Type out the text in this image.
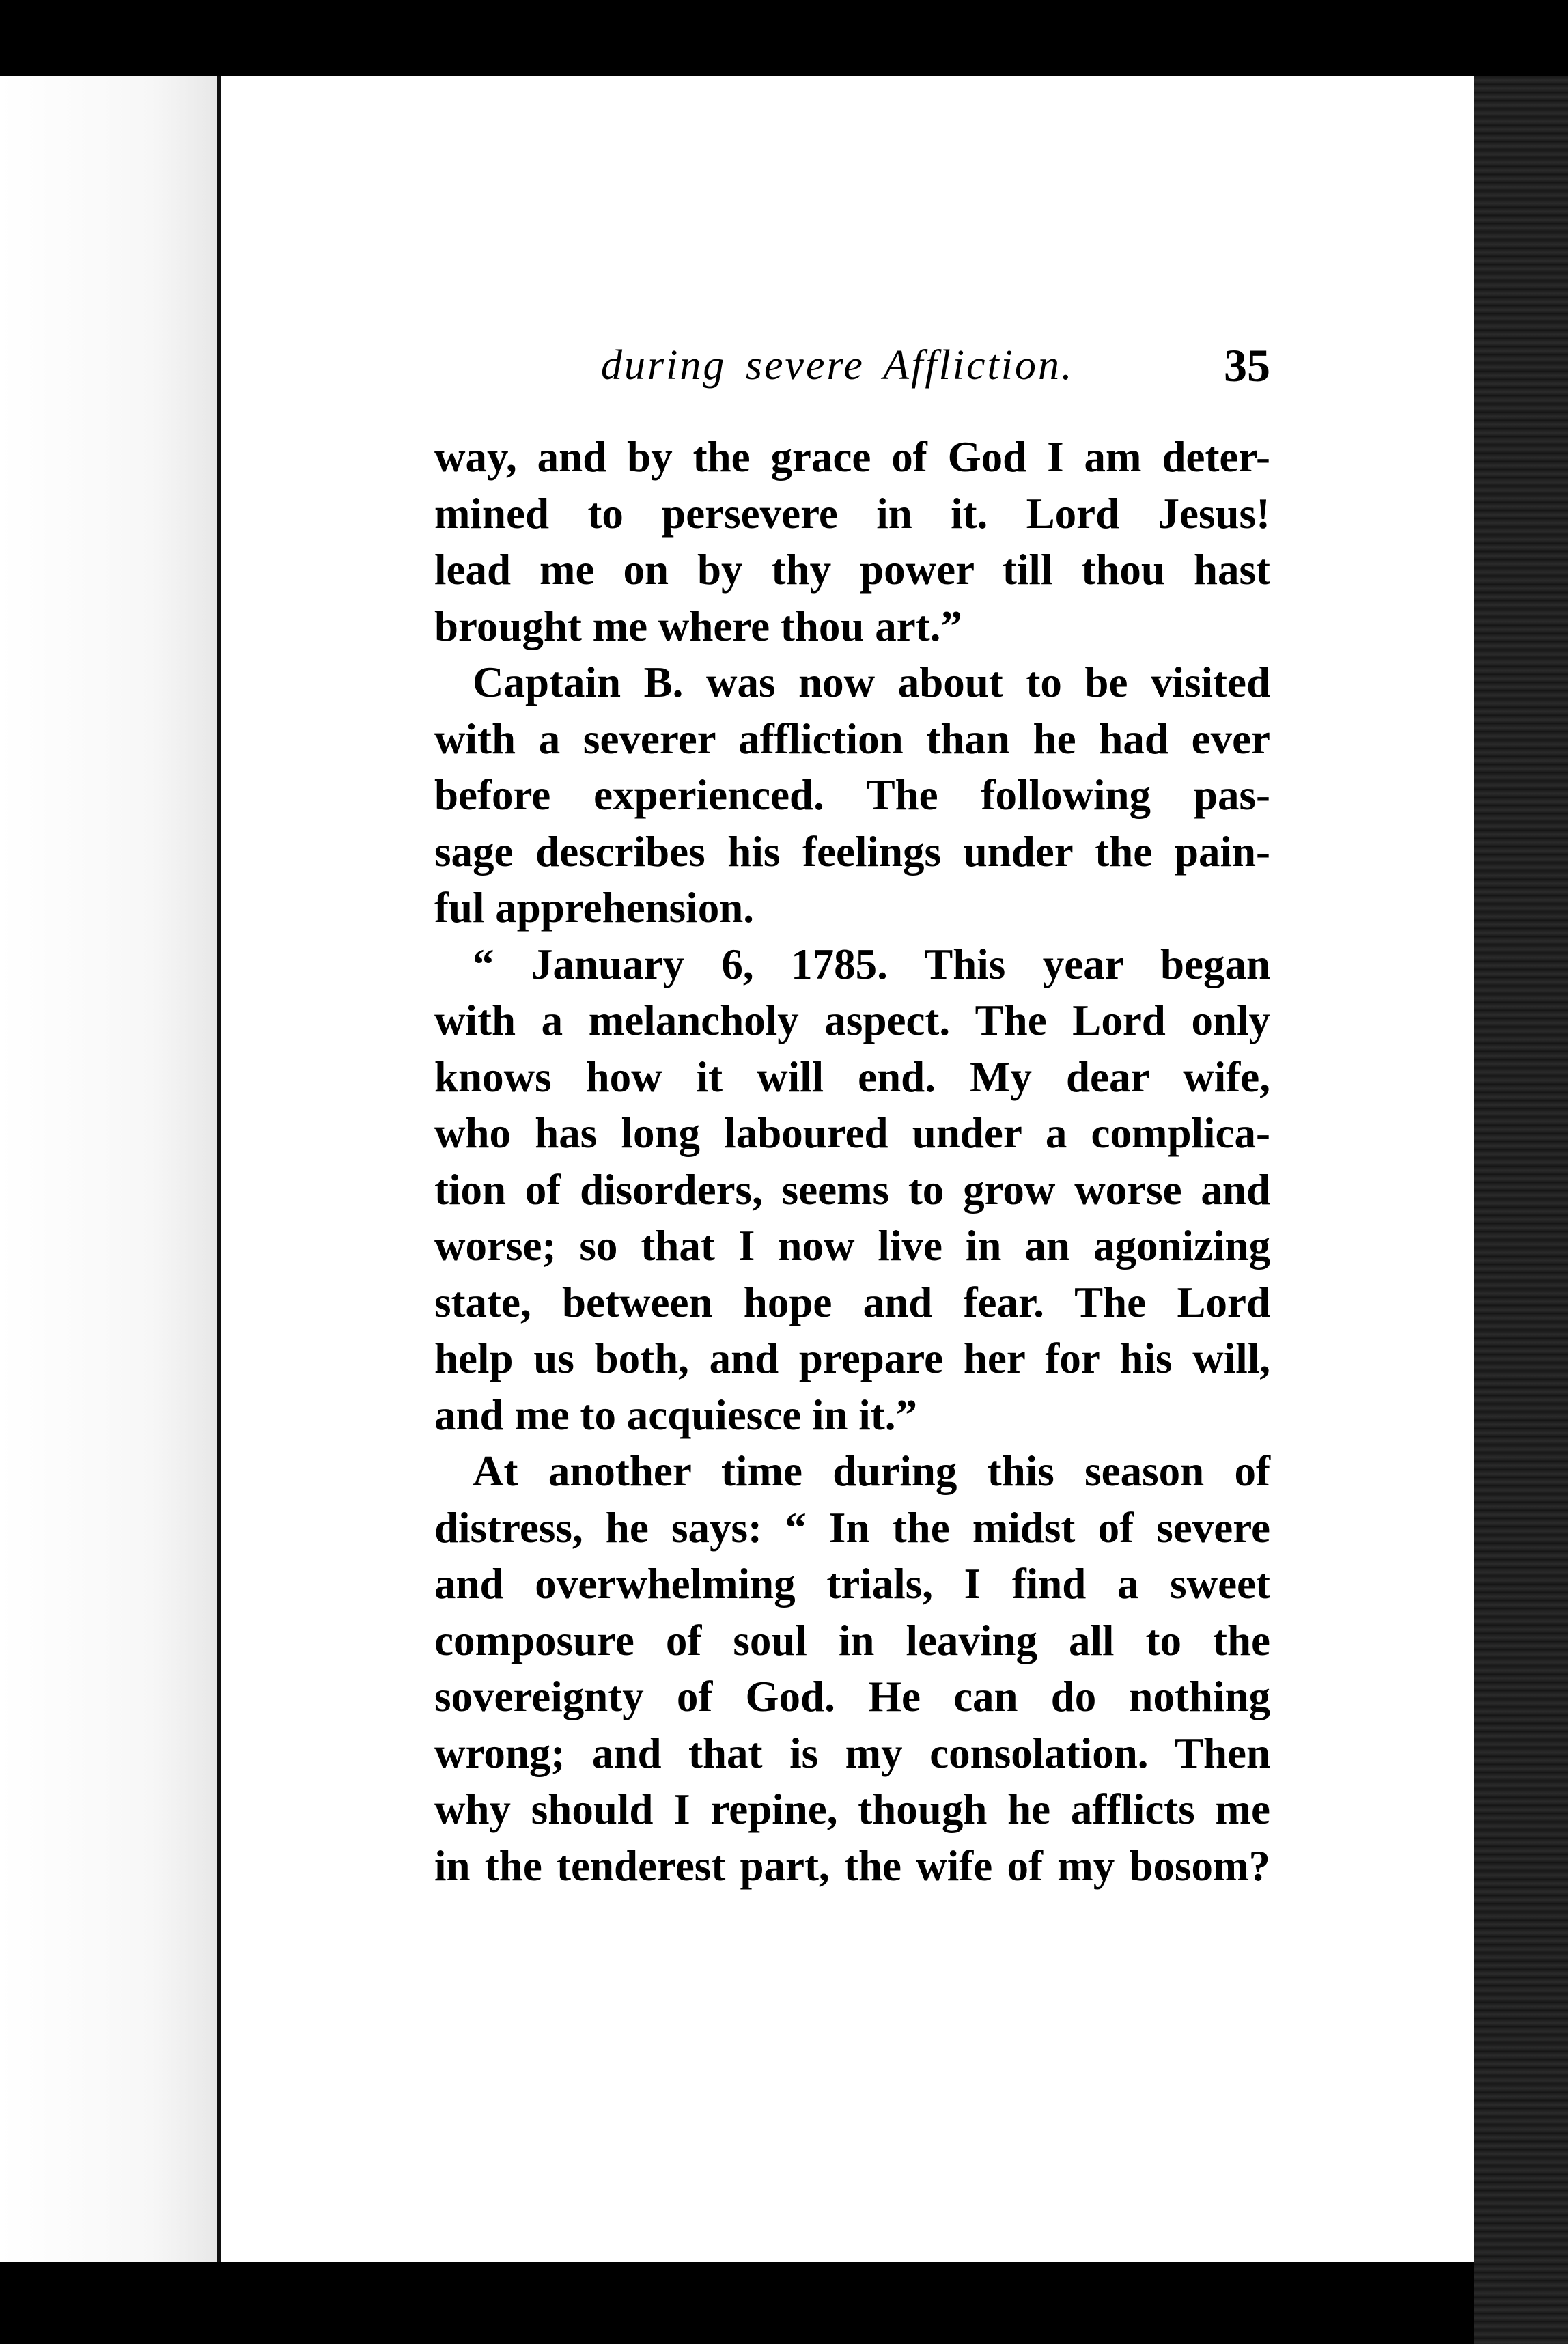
during severe Affliction.	35
way, and by the grace of God I am deter-
mined to persevere in it. Lord Jesus!
lead me on by thy power till thou hast
brought me where thou art.”
Captain B. was now about to be visited
with a severer affliction than he had ever
before experienced. The following pas-
sage describes his feelings under the pain-
ful apprehension.
“ January 6, 1785. This year began
with a melancholy aspect. The Lord only
knows how it will end. My dear wife,
who has long laboured under a complica-
tion of disorders, seems to grow worse and
worse; so that I now live in an agonizing
state, between hope and fear. The Lord
help us both, and prepare her for his will,
and me to acquiesce in it.”
At another time during this season of
distress, he says: “ In the midst of severe
and overwhelming trials, I find a sweet
composure of soul in leaving all to the
sovereignty of God. He can do nothing
wrong; and that is my consolation. Then
why should I repine, though he afflicts me
in the tenderest part, the wife of my bosom?
•
•
